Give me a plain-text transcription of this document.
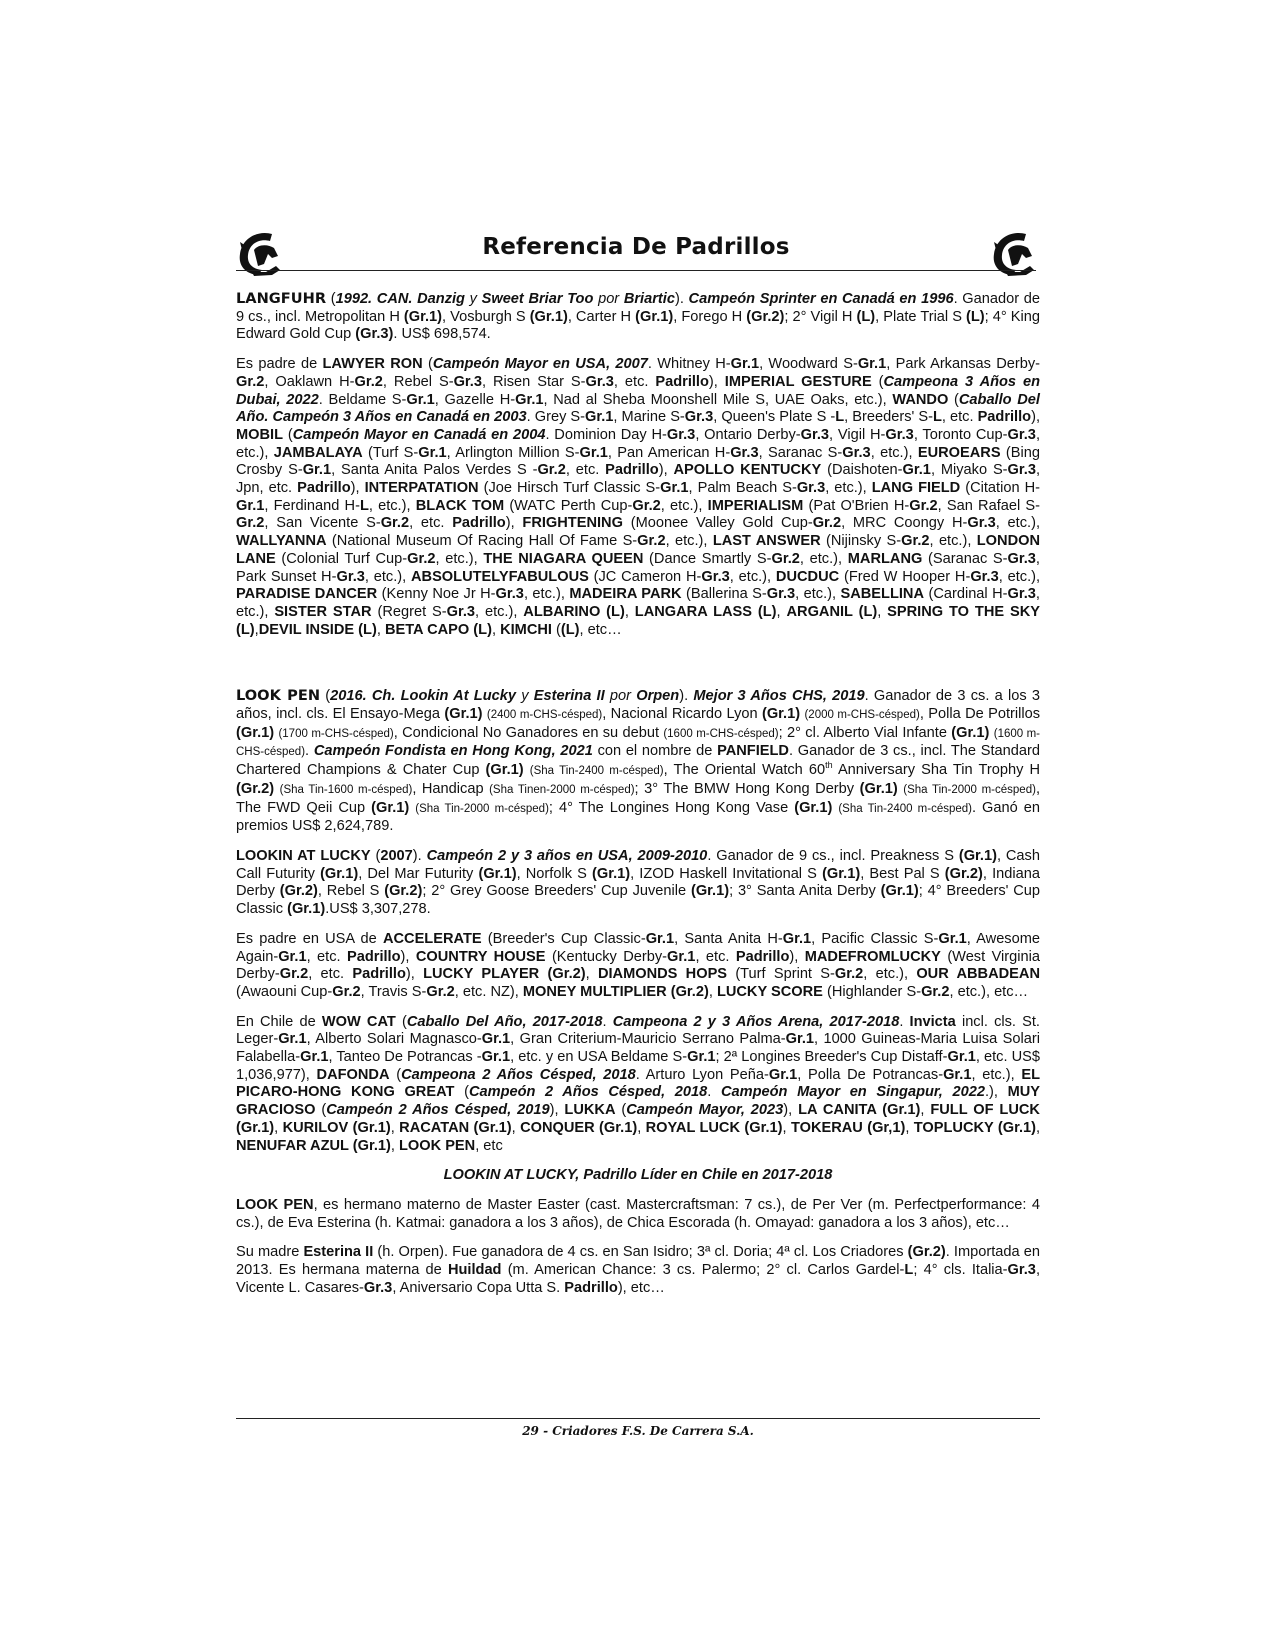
Referencia De Padrillos

LANGFUHR (1992. CAN. Danzig y Sweet Briar Too por Briartic). Campeón Sprinter en Canadá en 1996. Ganador de 9 cs., incl. Metropolitan H (Gr.1), Vosburgh S (Gr.1), Carter H (Gr.1), Forego H (Gr.2); 2° Vigil H (L), Plate Trial S (L); 4° King Edward Gold Cup (Gr.3). US$ 698,574.

Es padre de LAWYER RON (Campeón Mayor en USA, 2007. Whitney H-Gr.1, Woodward S-Gr.1, Park Arkansas Derby-Gr.2, Oaklawn H-Gr.2, Rebel S-Gr.3, Risen Star S-Gr.3, etc. Padrillo), IMPERIAL GESTURE (Campeona 3 Años en Dubai, 2022. Beldame S-Gr.1, Gazelle H-Gr.1, Nad al Sheba Moonshell Mile S, UAE Oaks, etc.), WANDO (Caballo Del Año. Campeón 3 Años en Canadá en 2003. Grey S-Gr.1, Marine S-Gr.3, Queen's Plate S -L, Breeders' S-L, etc. Padrillo), MOBIL (Campeón Mayor en Canadá en 2004. Dominion Day H-Gr.3, Ontario Derby-Gr.3, Vigil H-Gr.3, Toronto Cup-Gr.3, etc.), JAMBALAYA (Turf S-Gr.1, Arlington Million S-Gr.1, Pan American H-Gr.3, Saranac S-Gr.3, etc.), EUROEARS (Bing Crosby S-Gr.1, Santa Anita Palos Verdes S -Gr.2, etc. Padrillo), APOLLO KENTUCKY (Daishoten-Gr.1, Miyako S-Gr.3, Jpn, etc. Padrillo), INTERPATATION (Joe Hirsch Turf Classic S-Gr.1, Palm Beach S-Gr.3, etc.), LANG FIELD (Citation H-Gr.1, Ferdinand H-L, etc.), BLACK TOM (WATC Perth Cup-Gr.2, etc.), IMPERIALISM (Pat O'Brien H-Gr.2, San Rafael S-Gr.2, San Vicente S-Gr.2, etc. Padrillo), FRIGHTENING (Moonee Valley Gold Cup-Gr.2, MRC Coongy H-Gr.3, etc.), WALLYANNA (National Museum Of Racing Hall Of Fame S-Gr.2, etc.), LAST ANSWER (Nijinsky S-Gr.2, etc.), LONDON LANE (Colonial Turf Cup-Gr.2, etc.), THE NIAGARA QUEEN (Dance Smartly S-Gr.2, etc.), MARLANG (Saranac S-Gr.3, Park Sunset H-Gr.3, etc.), ABSOLUTELYFABULOUS (JC Cameron H-Gr.3, etc.), DUCDUC (Fred W Hooper H-Gr.3, etc.), PARADISE DANCER (Kenny Noe Jr H-Gr.3, etc.), MADEIRA PARK (Ballerina S-Gr.3, etc.), SABELLINA (Cardinal H-Gr.3, etc.), SISTER STAR (Regret S-Gr.3, etc.), ALBARINO (L), LANGARA LASS (L), ARGANIL (L), SPRING TO THE SKY (L),DEVIL INSIDE (L), BETA CAPO (L), KIMCHI ((L), etc…

LOOK PEN (2016. Ch. Lookin At Lucky y Esterina II por Orpen). Mejor 3 Años CHS, 2019. Ganador de 3 cs. a los 3 años, incl. cls. El Ensayo-Mega (Gr.1) (2400 m-CHS-césped), Nacional Ricardo Lyon (Gr.1) (2000 m-CHS-césped), Polla De Potrillos (Gr.1) (1700 m-CHS-césped), Condicional No Ganadores en su debut (1600 m-CHS-césped); 2° cl. Alberto Vial Infante (Gr.1) (1600 m-CHS-césped). Campeón Fondista en Hong Kong, 2021 con el nombre de PANFIELD. Ganador de 3 cs., incl. The Standard Chartered Champions & Chater Cup (Gr.1) (Sha Tin-2400 m-césped), The Oriental Watch 60th Anniversary Sha Tin Trophy H (Gr.2) (Sha Tin-1600 m-césped), Handicap (Sha Tinen-2000 m-césped); 3° The BMW Hong Kong Derby (Gr.1) (Sha Tin-2000 m-césped), The FWD Qeii Cup (Gr.1) (Sha Tin-2000 m-césped); 4° The Longines Hong Kong Vase (Gr.1) (Sha Tin-2400 m-césped). Ganó en premios US$ 2,624,789.

LOOKIN AT LUCKY (2007). Campeón 2 y 3 años en USA, 2009-2010. Ganador de 9 cs., incl. Preakness S (Gr.1), Cash Call Futurity (Gr.1), Del Mar Futurity (Gr.1), Norfolk S (Gr.1), IZOD Haskell Invitational S (Gr.1), Best Pal S (Gr.2), Indiana Derby (Gr.2), Rebel S (Gr.2); 2° Grey Goose Breeders' Cup Juvenile (Gr.1); 3° Santa Anita Derby (Gr.1); 4° Breeders' Cup Classic (Gr.1).US$ 3,307,278.

Es padre en USA de ACCELERATE (Breeder's Cup Classic-Gr.1, Santa Anita H-Gr.1, Pacific Classic S-Gr.1, Awesome Again-Gr.1, etc. Padrillo), COUNTRY HOUSE (Kentucky Derby-Gr.1, etc. Padrillo), MADEFROMLUCKY (West Virginia Derby-Gr.2, etc. Padrillo), LUCKY PLAYER (Gr.2), DIAMONDS HOPS (Turf Sprint S-Gr.2, etc.), OUR ABBADEAN (Awaouni Cup-Gr.2, Travis S-Gr.2, etc. NZ), MONEY MULTIPLIER (Gr.2), LUCKY SCORE (Highlander S-Gr.2, etc.), etc…

En Chile de WOW CAT (Caballo Del Año, 2017-2018. Campeona 2 y 3 Años Arena, 2017-2018. Invicta incl. cls. St. Leger-Gr.1, Alberto Solari Magnasco-Gr.1, Gran Criterium-Mauricio Serrano Palma-Gr.1, 1000 Guineas-Maria Luisa Solari Falabella-Gr.1, Tanteo De Potrancas -Gr.1, etc. y en USA Beldame S-Gr.1; 2ª Longines Breeder's Cup Distaff-Gr.1, etc. US$ 1,036,977), DAFONDA (Campeona 2 Años Césped, 2018. Arturo Lyon Peña-Gr.1, Polla De Potrancas-Gr.1, etc.), EL PICARO-HONG KONG GREAT (Campeón 2 Años Césped, 2018. Campeón Mayor en Singapur, 2022.), MUY GRACIOSO (Campeón 2 Años Césped, 2019), LUKKA (Campeón Mayor, 2023), LA CANITA (Gr.1), FULL OF LUCK (Gr.1), KURILOV (Gr.1), RACATAN (Gr.1), CONQUER (Gr.1), ROYAL LUCK (Gr.1), TOKERAU (Gr,1), TOPLUCKY (Gr.1), NENUFAR AZUL (Gr.1), LOOK PEN, etc

LOOKIN AT LUCKY, Padrillo Líder en Chile en 2017-2018

LOOK PEN, es hermano materno de Master Easter (cast. Mastercraftsman: 7 cs.), de Per Ver (m. Perfectperformance: 4 cs.), de Eva Esterina (h. Katmai: ganadora a los 3 años), de Chica Escorada (h. Omayad: ganadora a los 3 años), etc…

Su madre Esterina II (h. Orpen). Fue ganadora de 4 cs. en San Isidro; 3ª cl. Doria; 4ª cl. Los Criadores (Gr.2). Importada en 2013. Es hermana materna de Huildad (m. American Chance: 3 cs. Palermo; 2° cl. Carlos Gardel-L; 4° cls. Italia-Gr.3, Vicente L. Casares-Gr.3, Aniversario Copa Utta S. Padrillo), etc…

29 - Criadores F.S. De Carrera S.A.
